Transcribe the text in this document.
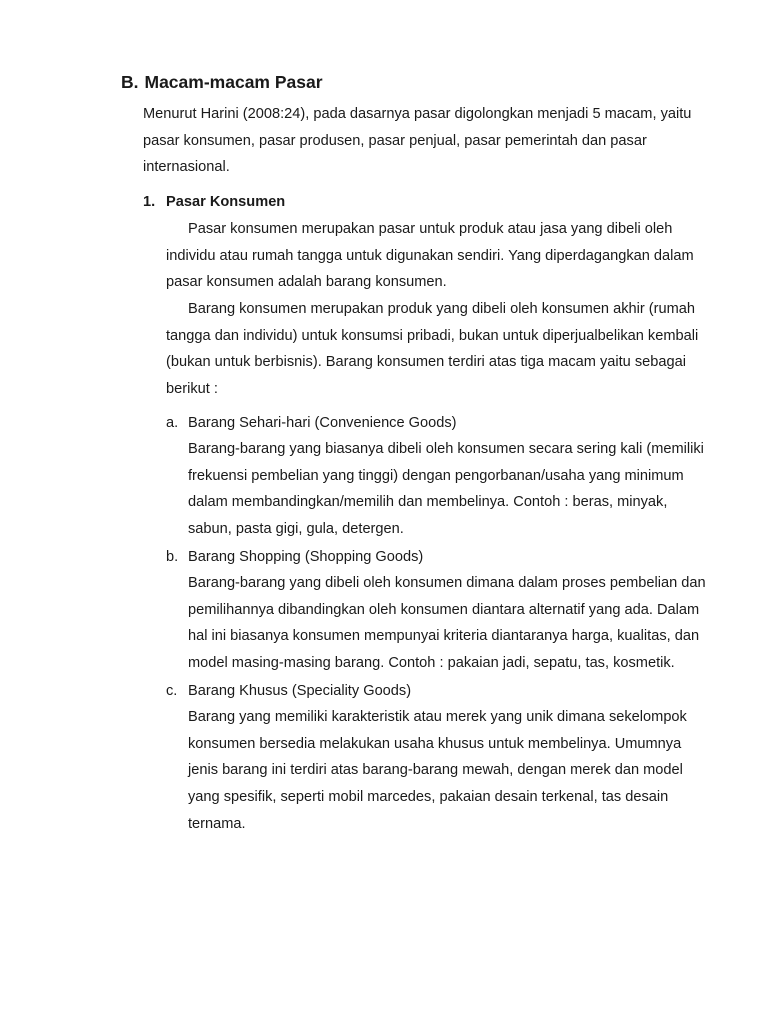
B. Macam-macam Pasar
Menurut Harini (2008:24), pada dasarnya pasar digolongkan menjadi 5 macam, yaitu
pasar konsumen, pasar produsen, pasar penjual, pasar pemerintah dan pasar
internasional.
1. Pasar Konsumen
Pasar konsumen merupakan pasar untuk produk atau jasa yang dibeli oleh
individu atau rumah tangga untuk digunakan sendiri. Yang diperdagangkan dalam
pasar konsumen adalah barang konsumen.
Barang konsumen merupakan produk yang dibeli oleh konsumen akhir (rumah
tangga dan individu) untuk konsumsi pribadi, bukan untuk diperjualbelikan kembali
(bukan untuk berbisnis). Barang konsumen terdiri atas tiga macam yaitu sebagai
berikut :
a. Barang Sehari-hari (Convenience Goods)
Barang-barang yang biasanya dibeli oleh konsumen secara sering kali (memiliki
frekuensi pembelian yang tinggi) dengan pengorbanan/usaha yang minimum
dalam membandingkan/memilih dan membelinya. Contoh : beras, minyak,
sabun, pasta gigi, gula, detergen.
b. Barang Shopping (Shopping Goods)
Barang-barang yang dibeli oleh konsumen dimana dalam proses pembelian dan
pemilihannya dibandingkan oleh konsumen diantara alternatif yang ada. Dalam
hal ini biasanya konsumen mempunyai kriteria diantaranya harga, kualitas, dan
model masing-masing barang. Contoh : pakaian jadi, sepatu, tas, kosmetik.
c. Barang Khusus (Speciality Goods)
Barang yang memiliki karakteristik atau merek yang unik dimana sekelompok
konsumen bersedia melakukan usaha khusus untuk membelinya. Umumnya
jenis barang ini terdiri atas barang-barang mewah, dengan merek dan model
yang spesifik, seperti mobil marcedes, pakaian desain terkenal, tas desain
ternama.
